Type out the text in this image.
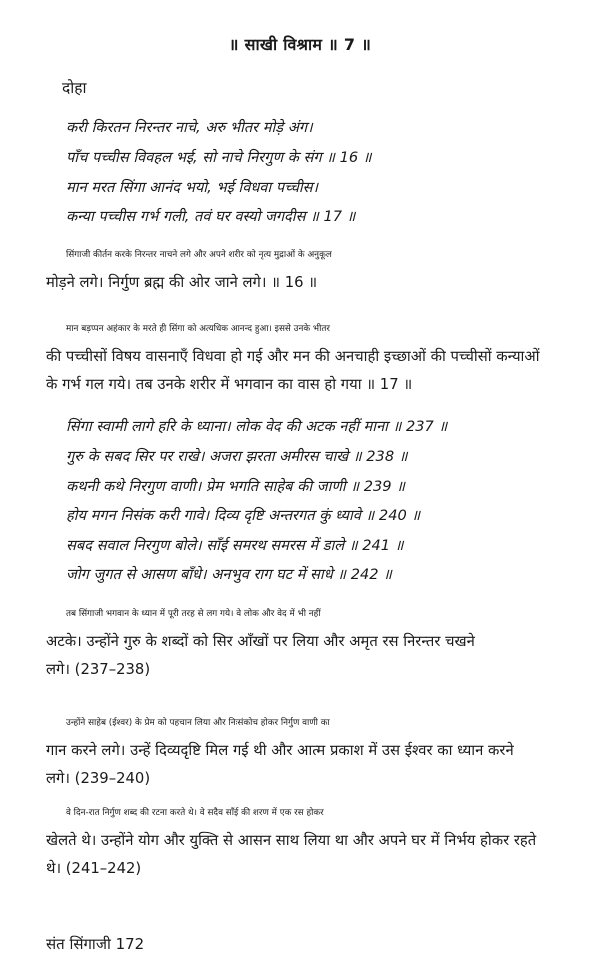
॥ साखी विश्राम ॥ 7 ॥
दोहा
करी किरतन निरन्तर नाचे, अरु भीतर मोड़े अंग।
पाँच पच्चीस विवहल भई, सो नाचे निरगुण के संग ॥ 16 ॥
मान मरत सिंगा आनंद भयो, भई विधवा पच्चीस।
कन्या पच्चीस गर्भ गली, तवं घर वस्यो जगदीस ॥ 17 ॥
सिंगाजी कीर्तन करके निरन्तर नाचने लगे और अपने शरीर को नृत्य मुद्राओं के अनुकूल
मोड़ने लगे। निर्गुण ब्रह्म की ओर जाने लगे। ॥ 16 ॥
मान बड़प्पन अहंकार के मरते ही सिंगा को अत्यधिक आनन्द हुआ। इससे उनके भीतर
की पच्चीसों विषय वासनाएँ विधवा हो गई और मन की अनचाही इच्छाओं की पच्चीसों कन्याओं
के गर्भ गल गये। तब उनके शरीर में भगवान का वास हो गया ॥ 17 ॥
सिंगा स्वामी लागे हरि के ध्याना। लोक वेद की अटक नहीं माना ॥ 237 ॥
गुरु के सबद सिर पर राखे। अजरा झरता अमीरस चाखे ॥ 238 ॥
कथनी कथे निरगुण वाणी। प्रेम भगति साहेब की जाणी ॥ 239 ॥
होय मगन निसंक करी गावे। दिव्य दृष्टि अन्तरगत कुं ध्यावे ॥ 240 ॥
सबद सवाल निरगुण बोले। साँई समरथ समरस में डाले ॥ 241 ॥
जोग जुगत से आसण बाँधे। अनभुव राग घट में साधे ॥ 242 ॥
तब सिंगाजी भगवान के ध्यान में पूरी तरह से लग गये। वे लोक और वेद में भी नहीं
अटके। उन्होंने गुरु के शब्दों को सिर आँखों पर लिया और अमृत रस निरन्तर चखने
लगे। (237–238)
उन्होंने साहेब (ईश्वर) के प्रेम को पहचान लिया और निःसंकोच होकर निर्गुण वाणी का
गान करने लगे। उन्हें दिव्यदृष्टि मिल गई थी और आत्म प्रकाश में उस ईश्वर का ध्यान करने
लगे। (239–240)
वे दिन-रात निर्गुण शब्द की रटना करते थे। वे सदैव साँई की शरण में एक रस होकर
खेलते थे। उन्होंने योग और युक्ति से आसन साथ लिया था और अपने घर में निर्भय होकर रहते
थे। (241–242)
संत सिंगाजी 172
